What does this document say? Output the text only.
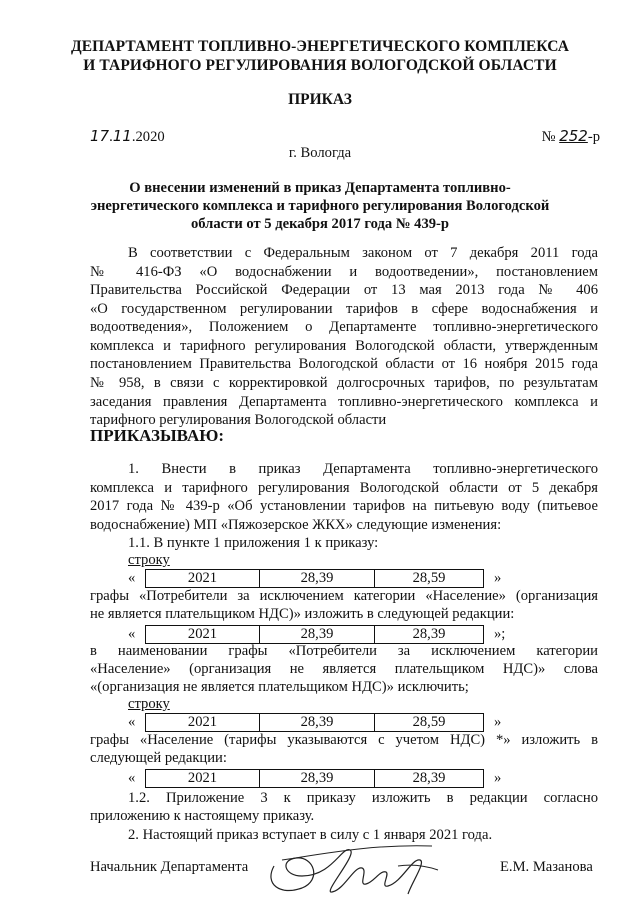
ДЕПАРТАМЕНТ ТОПЛИВНО-ЭНЕРГЕТИЧЕСКОГО КОМПЛЕКСА
И ТАРИФНОГО РЕГУЛИРОВАНИЯ ВОЛОГОДСКОЙ ОБЛАСТИ
ПРИКАЗ
17.11.2020	№ 252-р
г. Вологда
О внесении изменений в приказ Департамента топливно-
энергетического комплекса и тарифного регулирования Вологодской
области от 5 декабря 2017 года № 439-р
В соответствии с Федеральным законом от 7 декабря 2011 года
№ 416-ФЗ «О водоснабжении и водоотведении», постановлением
Правительства Российской Федерации от 13 мая 2013 года № 406
«О государственном регулировании тарифов в сфере водоснабжения и
водоотведения», Положением о Департаменте топливно-энергетического
комплекса и тарифного регулирования Вологодской области, утвержденным
постановлением Правительства Вологодской области от 16 ноября 2015 года
№ 958, в связи с корректировкой долгосрочных тарифов, по результатам
заседания правления Департамента топливно-энергетического комплекса и
тарифного регулирования Вологодской области
ПРИКАЗЫВАЮ:
1. Внести в приказ Департамента топливно-энергетического
комплекса и тарифного регулирования Вологодской области от 5 декабря
2017 года № 439-р «Об установлении тарифов на питьевую воду (питьевое
водоснабжение) МП «Пяжозерское ЖКХ» следующие изменения:
1.1. В пункте 1 приложения 1 к приказу:
строку
«	2021	28,39	28,59	»
графы «Потребители за исключением категории «Население» (организация
не является плательщиком НДС)» изложить в следующей редакции:
«	2021	28,39	28,39	»;
в наименовании графы «Потребители за исключением категории
«Население» (организация не является плательщиком НДС)» слова
«(организация не является плательщиком НДС)» исключить;
строку
«	2021	28,39	28,59	»
графы «Население (тарифы указываются с учетом НДС) *» изложить в
следующей редакции:
«	2021	28,39	28,39	»
1.2. Приложение 3 к приказу изложить в редакции согласно
приложению к настоящему приказу.
2. Настоящий приказ вступает в силу с 1 января 2021 года.
Начальник Департамента	Е.М. Мазанова
